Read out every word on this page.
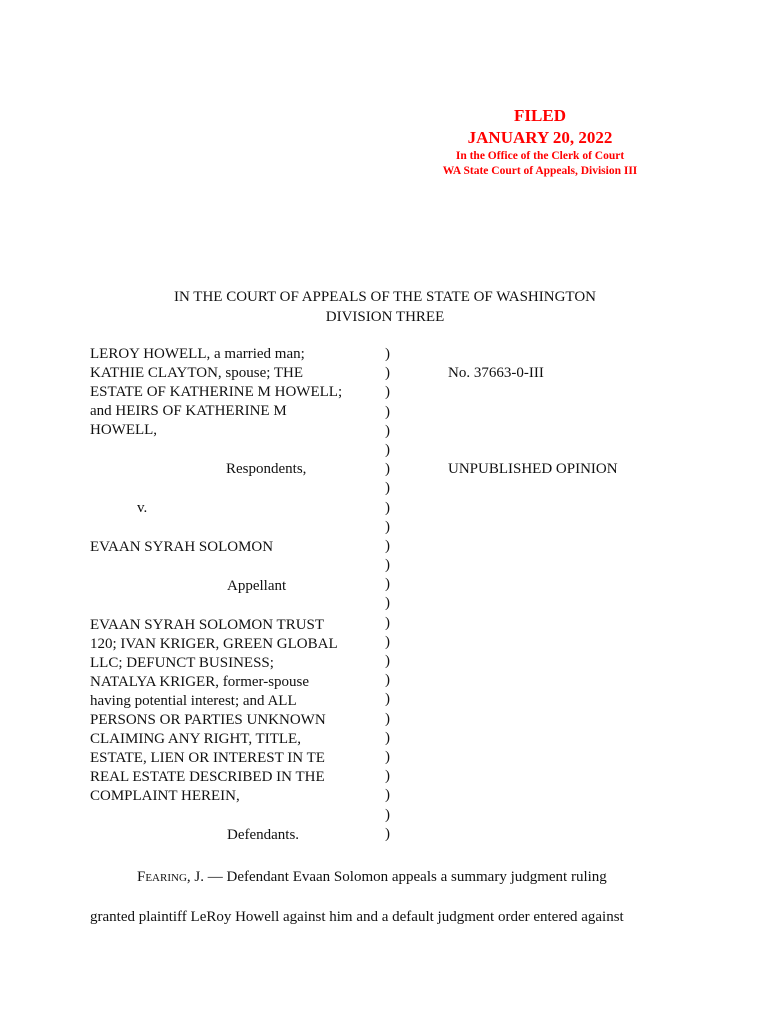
FILED
JANUARY 20, 2022
In the Office of the Clerk of Court
WA State Court of Appeals, Division III
IN THE COURT OF APPEALS OF THE STATE OF WASHINGTON
DIVISION THREE
LEROY HOWELL, a married man;
KATHIE CLAYTON, spouse; THE
ESTATE OF KATHERINE M HOWELL;
and HEIRS OF KATHERINE M
HOWELL,
Respondents,
v.
EVAAN SYRAH SOLOMON
Appellant
EVAAN SYRAH SOLOMON TRUST
120; IVAN KRIGER, GREEN GLOBAL
LLC; DEFUNCT BUSINESS;
NATALYA KRIGER, former-spouse
having potential interest; and ALL
PERSONS OR PARTIES UNKNOWN
CLAIMING ANY RIGHT, TITLE,
ESTATE, LIEN OR INTEREST IN TE
REAL ESTATE DESCRIBED IN THE
COMPLAINT HEREIN,
Defendants.
)
)
)
)
)
)
)
)
)
)
)
)
)
)
)
)
)
)
)
)
)
)
)
)
)
)
No. 37663-0-III
UNPUBLISHED OPINION
Fearing, J. — Defendant Evaan Solomon appeals a summary judgment ruling
granted plaintiff LeRoy Howell against him and a default judgment order entered against
